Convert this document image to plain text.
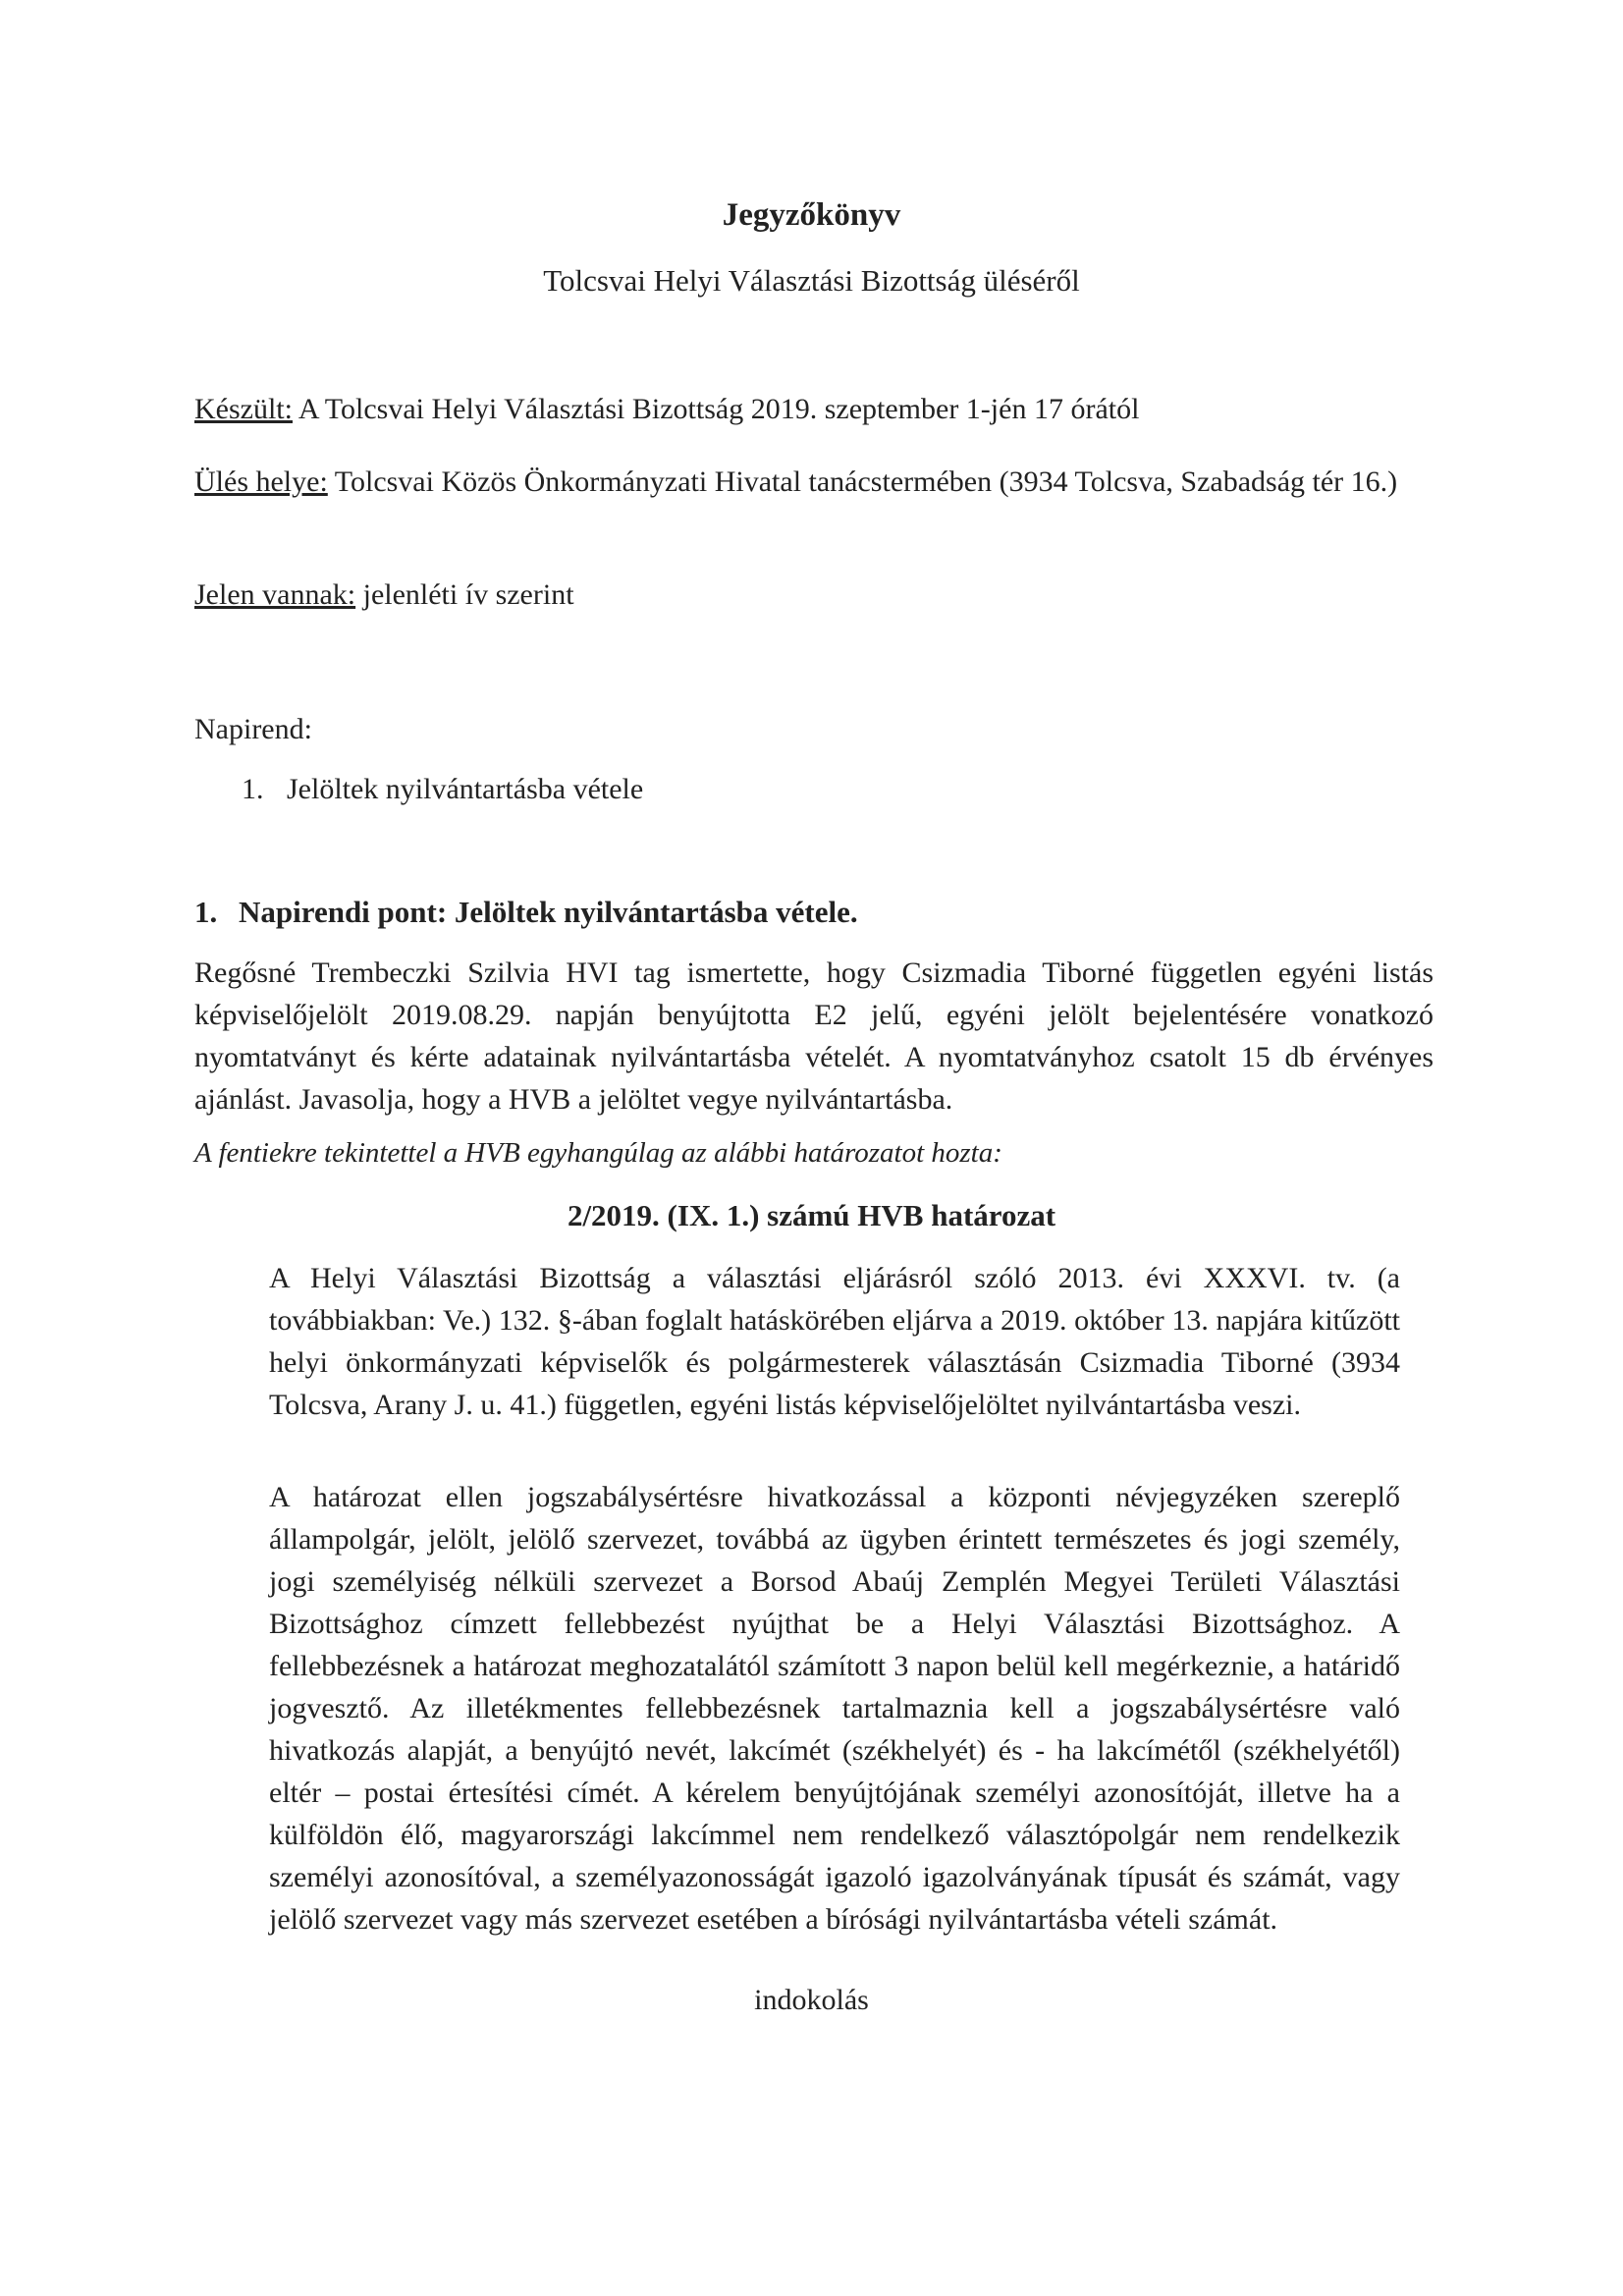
Jegyzőkönyv
Tolcsvai Helyi Választási Bizottság üléséről
Készült: A Tolcsvai Helyi Választási Bizottság 2019. szeptember 1-jén 17 órától
Ülés helye: Tolcsvai Közös Önkormányzati Hivatal tanácstermében (3934 Tolcsva, Szabadság tér 16.)
Jelen vannak: jelenléti ív szerint
Napirend:
1. Jelöltek nyilvántartásba vétele
1. Napirendi pont: Jelöltek nyilvántartásba vétele.
Regősné Trembeczki Szilvia HVI tag ismertette, hogy Csizmadia Tiborné független egyéni listás képviselőjelölt 2019.08.29. napján benyújtotta E2 jelű, egyéni jelölt bejelentésére vonatkozó nyomtatványt és kérte adatainak nyilvántartásba vételét. A nyomtatványhoz csatolt 15 db érvényes ajánlást. Javasolja, hogy a HVB a jelöltet vegye nyilvántartásba.
A fentiekre tekintettel a HVB egyhangúlag az alábbi határozatot hozta:
2/2019. (IX. 1.) számú HVB határozat
A Helyi Választási Bizottság a választási eljárásról szóló 2013. évi XXXVI. tv. (a továbbiakban: Ve.) 132. §-ában foglalt hatáskörében eljárva a 2019. október 13. napjára kitűzött helyi önkormányzati képviselők és polgármesterek választásán Csizmadia Tiborné (3934 Tolcsva, Arany J. u. 41.) független, egyéni listás képviselőjelöltet nyilvántartásba veszi.
A határozat ellen jogszabálysértésre hivatkozással a központi névjegyzéken szereplő állampolgár, jelölt, jelölő szervezet, továbbá az ügyben érintett természetes és jogi személy, jogi személyiség nélküli szervezet a Borsod Abaúj Zemplén Megyei Területi Választási Bizottsághoz címzett fellebbezést nyújthat be a Helyi Választási Bizottsághoz. A fellebbezésnek a határozat meghozatalától számított 3 napon belül kell megérkeznie, a határidő jogvesztő. Az illetékmentes fellebbezésnek tartalmaznia kell a jogszabálysértésre való hivatkozás alapját, a benyújtó nevét, lakcímét (székhelyét) és - ha lakcímétől (székhelyétől) eltér – postai értesítési címét. A kérelem benyújtójának személyi azonosítóját, illetve ha a külföldön élő, magyarországi lakcímmel nem rendelkező választópolgár nem rendelkezik személyi azonosítóval, a személyazonosságát igazoló igazolványának típusát és számát, vagy jelölő szervezet vagy más szervezet esetében a bírósági nyilvántartásba vételi számát.
indokolás
